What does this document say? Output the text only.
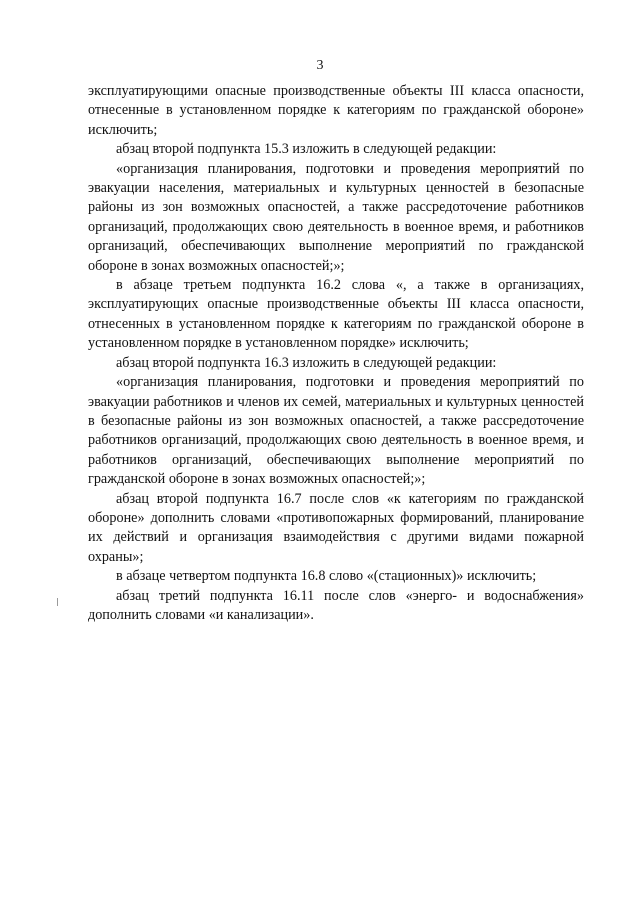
3

эксплуатирующими опасные производственные объекты III класса опасности, отнесенные в установленном порядке к категориям по гражданской обороне» исключить;

абзац второй подпункта 15.3 изложить в следующей редакции:

«организация планирования, подготовки и проведения мероприятий по эвакуации населения, материальных и культурных ценностей в безопасные районы из зон возможных опасностей, а также рассредоточение работников организаций, продолжающих свою деятельность в военное время, и работников организаций, обеспечивающих выполнение мероприятий по гражданской обороне в зонах возможных опасностей;»;

в абзаце третьем подпункта 16.2 слова «, а также в организациях, эксплуатирующих опасные производственные объекты III класса опасности, отнесенных в установленном порядке к категориям по гражданской обороне в установленном порядке в установленном порядке» исключить;

абзац второй подпункта 16.3 изложить в следующей редакции:

«организация планирования, подготовки и проведения мероприятий по эвакуации работников и членов их семей, материальных и культурных ценностей в безопасные районы из зон возможных опасностей, а также рассредоточение работников организаций, продолжающих свою деятельность в военное время, и работников организаций, обеспечивающих выполнение мероприятий по гражданской обороне в зонах возможных опасностей;»;

абзац второй подпункта 16.7 после слов «к категориям по гражданской обороне» дополнить словами «противопожарных формирований, планирование их действий и организация взаимодействия с другими видами пожарной охраны»;

в абзаце четвертом подпункта 16.8 слово «(стационных)» исключить;

абзац третий подпункта 16.11 после слов «энерго- и водоснабжения» дополнить словами «и канализации».
